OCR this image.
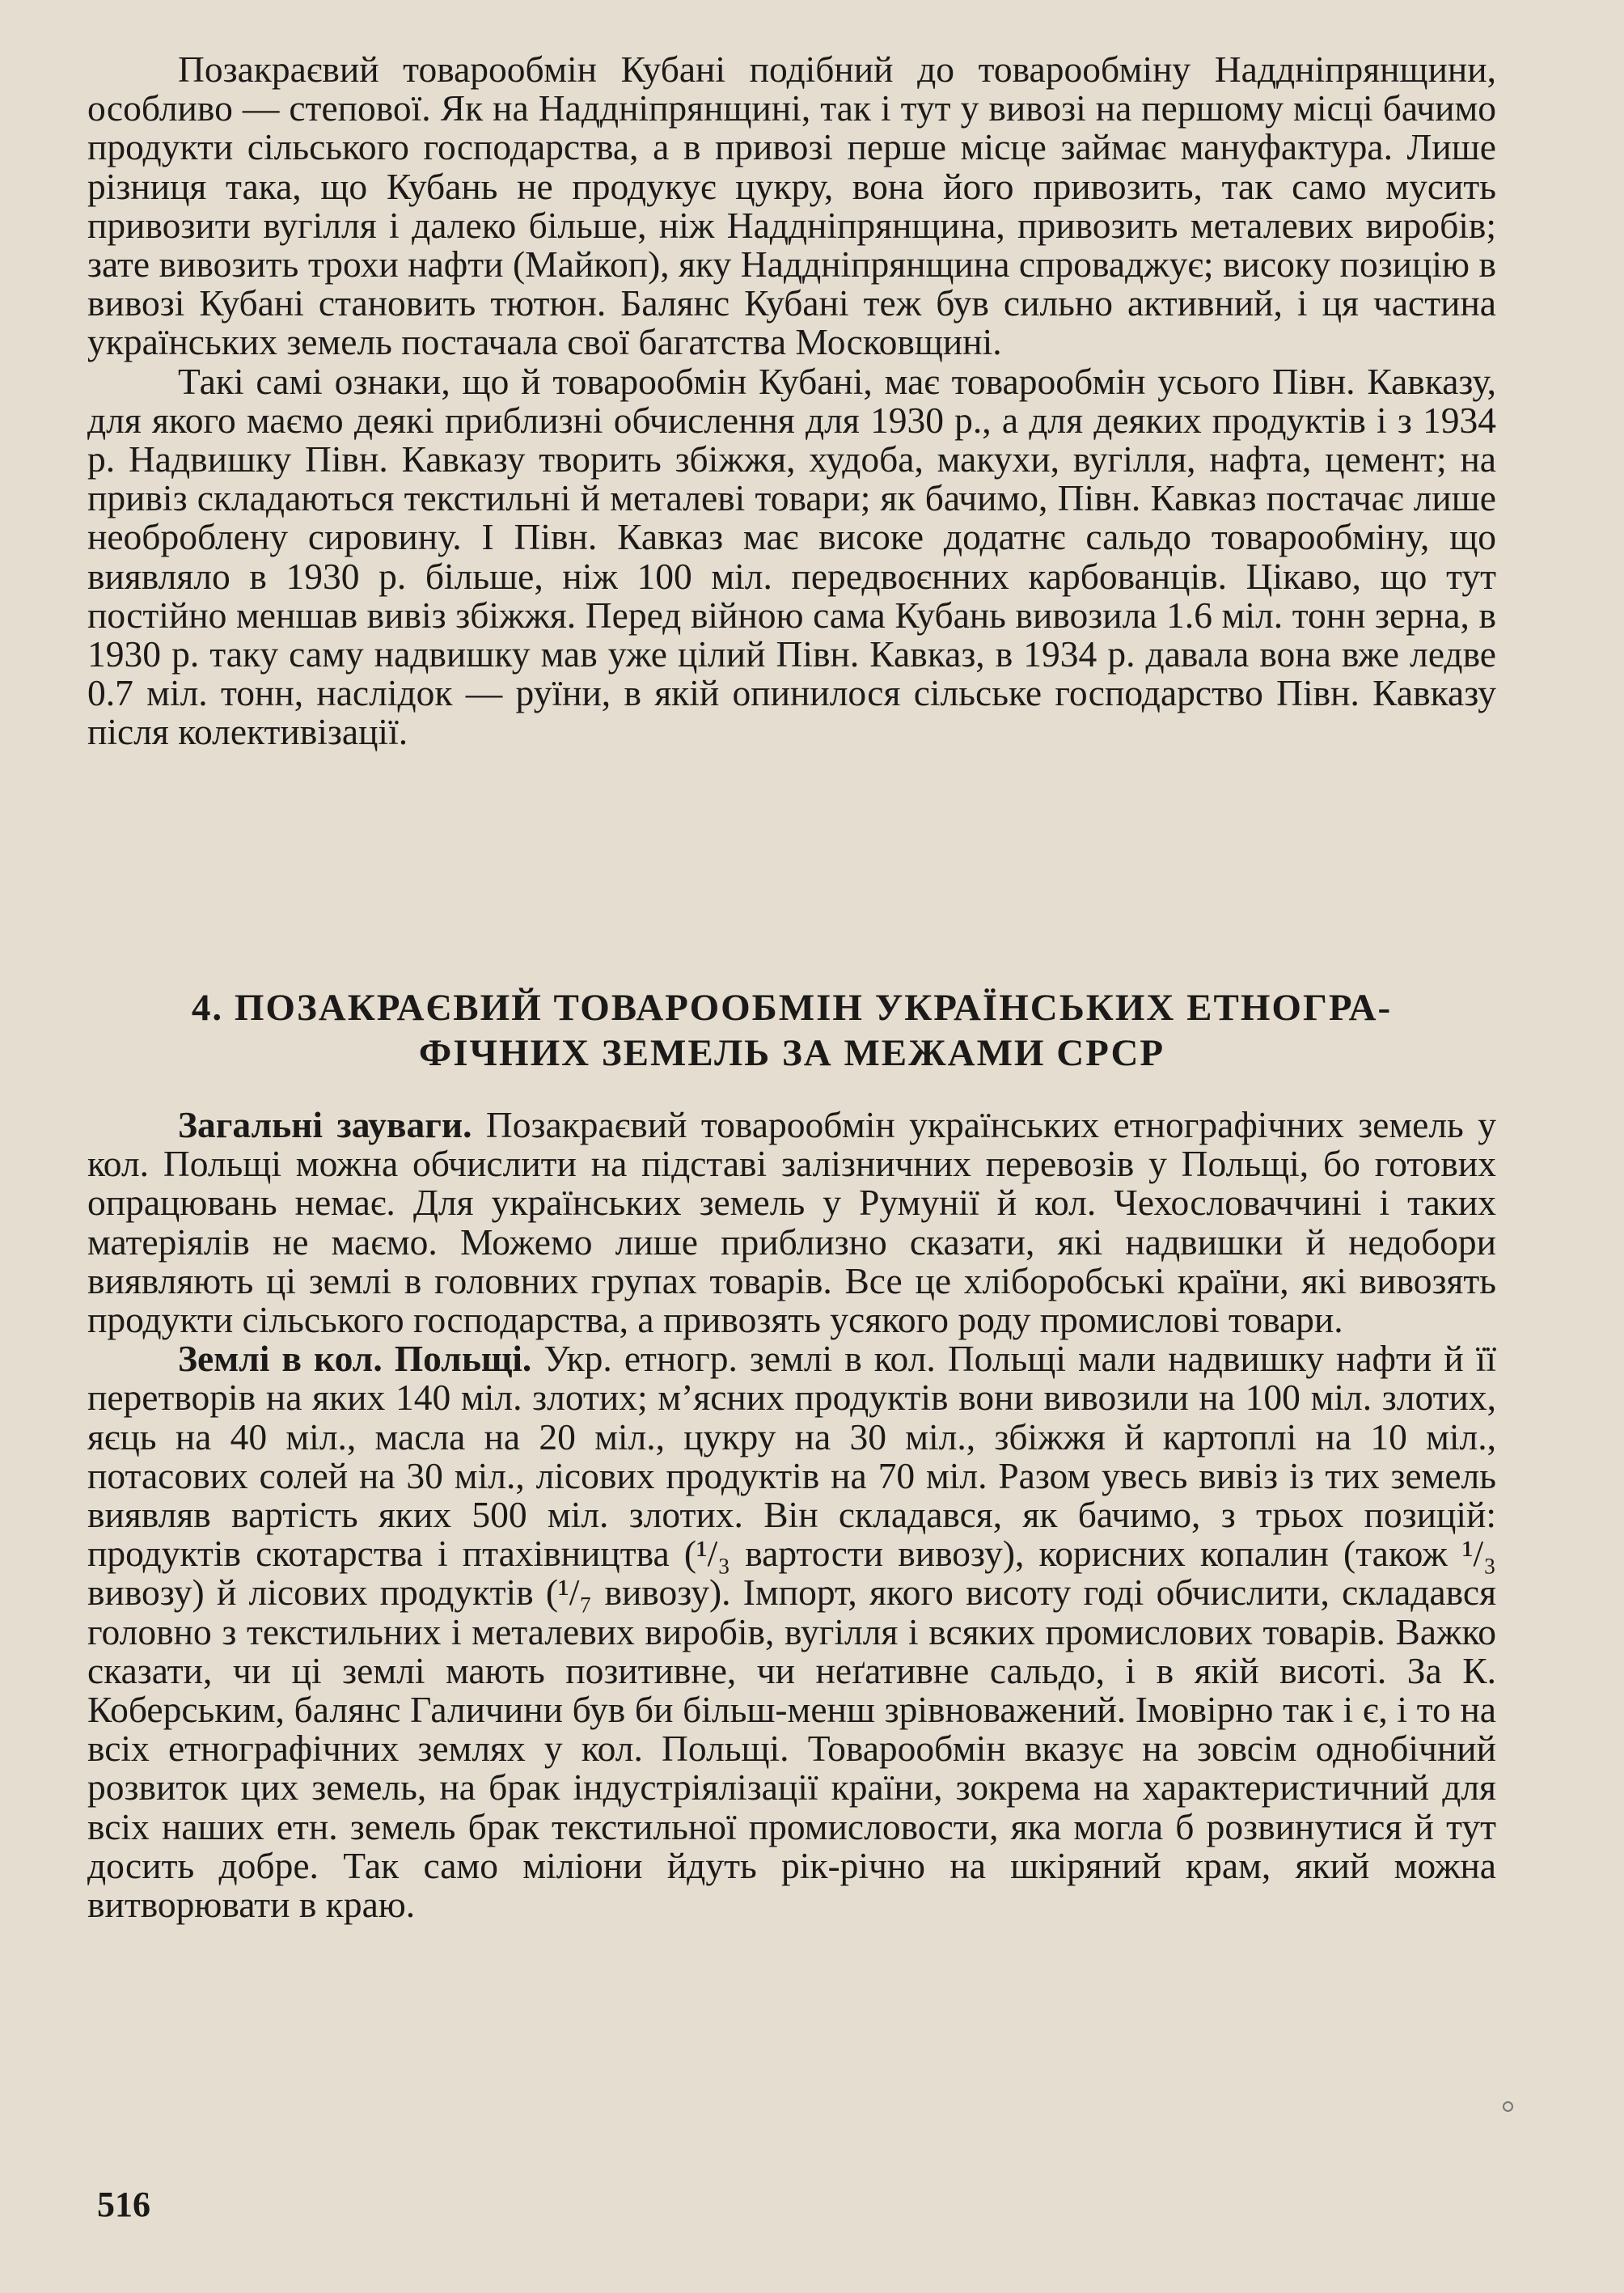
Позакраєвий товарообмін Кубані подібний до товарообміну Наддніпрянщини, особливо — степової. Як на Наддніпрянщині, так і тут у вивозі на першому місці бачимо продукти сільського господарства, а в привозі перше місце займає мануфактура. Лише різниця така, що Кубань не продукує цукру, вона його привозить, так само мусить привозити вугілля і далеко більше, ніж Наддніпрянщина, привозить металевих виробів; зате вивозить трохи нафти (Майкоп), яку Наддніпрянщина спроваджує; високу позицію в вивозі Кубані становить тютюн. Балянс Кубані теж був сильно активний, і ця частина українських земель постачала свої багатства Московщині.

Такі самі ознаки, що й товарообмін Кубані, має товарообмін усього Півн. Кавказу, для якого маємо деякі приблизні обчислення для 1930 р., а для деяких продуктів і з 1934 р. Надвишку Півн. Кавказу творить збіжжя, худоба, макухи, вугілля, нафта, цемент; на привіз складаються текстильні й металеві товари; як бачимо, Півн. Кавказ постачає лише необроблену сировину. І Півн. Кавказ має високе додатнє сальдо товарообміну, що виявляло в 1930 р. більше, ніж 100 міл. передвоєнних карбованців. Цікаво, що тут постійно меншав вивіз збіжжя. Перед війною сама Кубань вивозила 1.6 міл. тонн зерна, в 1930 р. таку саму надвишку мав уже цілий Півн. Кавказ, в 1934 р. давала вона вже ледве 0.7 міл. тонн, наслідок — руїни, в якій опинилося сільське господарство Півн. Кавказу після колективізації.

4. ПОЗАКРАЄВИЙ ТОВАРООБМІН УКРАЇНСЬКИХ ЕТНОГРА-
ФІЧНИХ ЗЕМЕЛЬ ЗА МЕЖАМИ СРСР

Загальні зауваги. Позакраєвий товарообмін українських етнографічних земель у кол. Польщі можна обчислити на підставі залізничних перевозів у Польщі, бо готових опрацювань немає. Для українських земель у Румунії й кол. Чехословаччині і таких матеріялів не маємо. Можемо лише приблизно сказати, які надвишки й недобори виявляють ці землі в головних групах товарів. Все це хліборобські країни, які вивозять продукти сільського господарства, а привозять усякого роду промислові товари.

Землі в кол. Польщі. Укр. етногр. землі в кол. Польщі мали надвишку нафти й її перетворів на яких 140 міл. злотих; м’ясних продуктів вони вивозили на 100 міл. злотих, яєць на 40 міл., масла на 20 міл., цукру на 30 міл., збіжжя й картоплі на 10 міл., потасових солей на 30 міл., лісових продуктів на 70 міл. Разом увесь вивіз із тих земель виявляв вартість яких 500 міл. злотих. Він складався, як бачимо, з трьох позицій: продуктів скотарства і птахівництва (¹/₃ вартости вивозу), корисних копалин (також ¹/₃ вивозу) й лісових продуктів (¹/₇ вивозу). Імпорт, якого висоту годі обчислити, складався головно з текстильних і металевих виробів, вугілля і всяких промислових товарів. Важко сказати, чи ці землі мають позитивне, чи неґативне сальдо, і в якій висоті. За К. Коберським, балянс Галичини був би більш-менш зрівноважений. Імовірно так і є, і то на всіх етнографічних землях у кол. Польщі. Товарообмін вказує на зовсім однобічний розвиток цих земель, на брак індустріялізації країни, зокрема на характеристичний для всіх наших етн. земель брак текстильної промисловости, яка могла б розвинутися й тут досить добре. Так само міліони йдуть рік-річно на шкіряний крам, який можна витворювати в краю.

516
